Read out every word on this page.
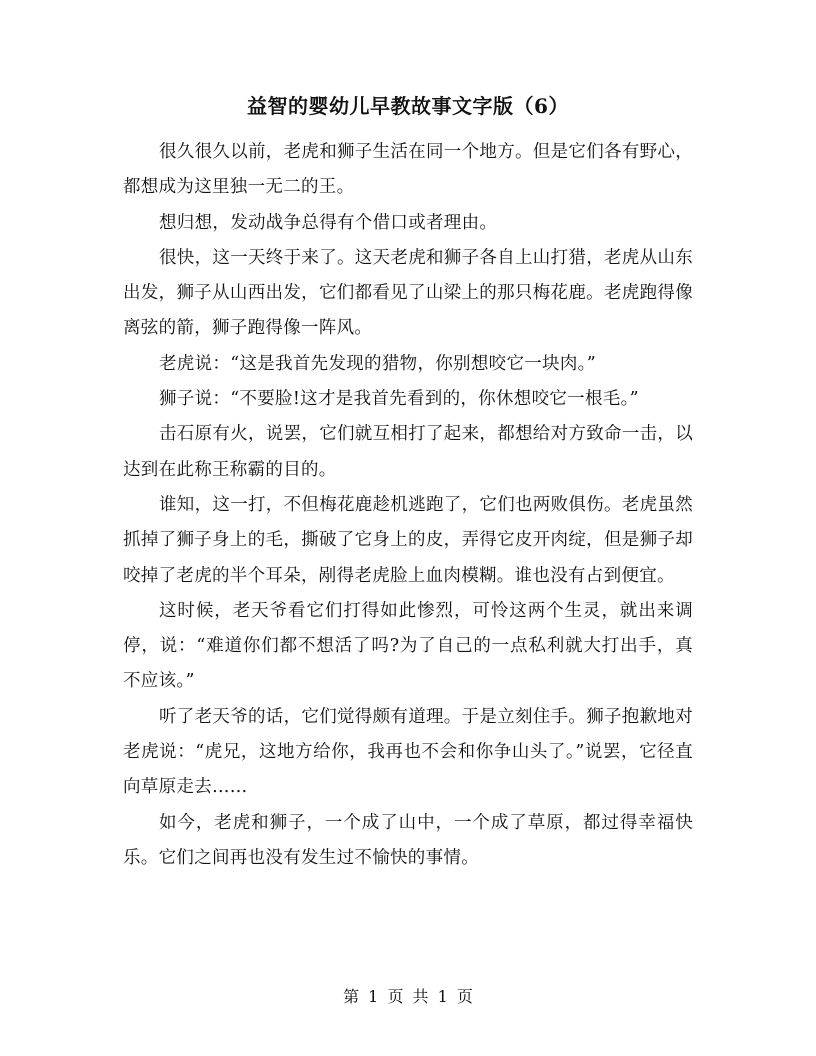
益智的婴幼儿早教故事文字版（6）

很久很久以前，老虎和狮子生活在同一个地方。但是它们各有野心，都想成为这里独一无二的王。

想归想，发动战争总得有个借口或者理由。

很快，这一天终于来了。这天老虎和狮子各自上山打猎，老虎从山东出发，狮子从山西出发，它们都看见了山梁上的那只梅花鹿。老虎跑得像离弦的箭，狮子跑得像一阵风。

老虎说：“这是我首先发现的猎物，你别想咬它一块肉。”

狮子说：“不要脸!这才是我首先看到的，你休想咬它一根毛。”

击石原有火，说罢，它们就互相打了起来，都想给对方致命一击，以达到在此称王称霸的目的。

谁知，这一打，不但梅花鹿趁机逃跑了，它们也两败俱伤。老虎虽然抓掉了狮子身上的毛，撕破了它身上的皮，弄得它皮开肉绽，但是狮子却咬掉了老虎的半个耳朵，剐得老虎脸上血肉模糊。谁也没有占到便宜。

这时候，老天爷看它们打得如此惨烈，可怜这两个生灵，就出来调停，说：“难道你们都不想活了吗?为了自己的一点私利就大打出手，真不应该。”

听了老天爷的话，它们觉得颇有道理。于是立刻住手。狮子抱歉地对老虎说：“虎兄，这地方给你，我再也不会和你争山头了。”说罢，它径直向草原走去……

如今，老虎和狮子，一个成了山中，一个成了草原，都过得幸福快乐。它们之间再也没有发生过不愉快的事情。

第 1 页 共 1 页
